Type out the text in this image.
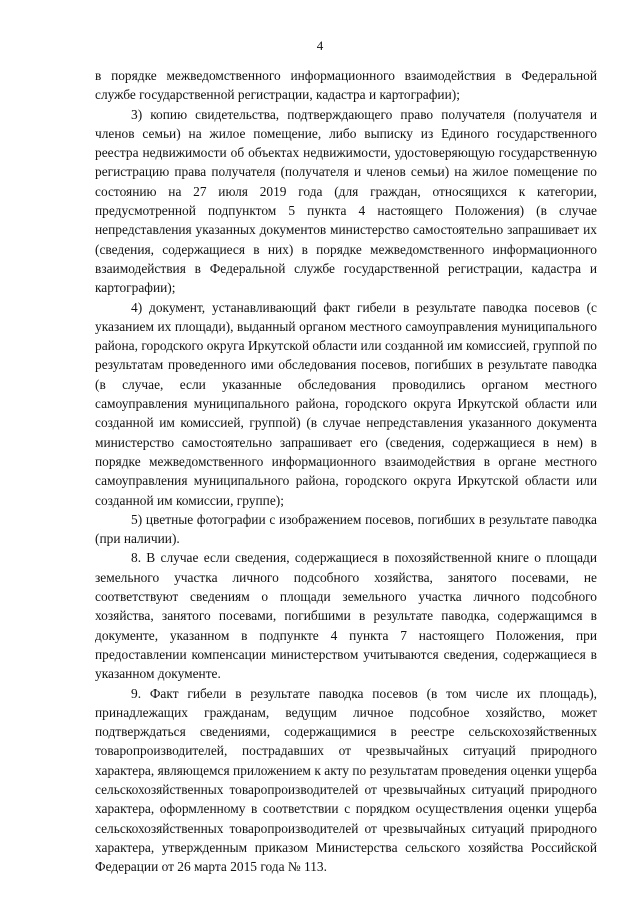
4

в порядке межведомственного информационного взаимодействия в Федеральной службе государственной регистрации, кадастра и картографии);

3) копию свидетельства, подтверждающего право получателя (получателя и членов семьи) на жилое помещение, либо выписку из Единого государственного реестра недвижимости об объектах недвижимости, удостоверяющую государственную регистрацию права получателя (получателя и членов семьи) на жилое помещение по состоянию на 27 июля 2019 года (для граждан, относящихся к категории, предусмотренной подпунктом 5 пункта 4 настоящего Положения) (в случае непредставления указанных документов министерство самостоятельно запрашивает их (сведения, содержащиеся в них) в порядке межведомственного информационного взаимодействия в Федеральной службе государственной регистрации, кадастра и картографии);

4) документ, устанавливающий факт гибели в результате паводка посевов (с указанием их площади), выданный органом местного самоуправления муниципального района, городского округа Иркутской области или созданной им комиссией, группой по результатам проведенного ими обследования посевов, погибших в результате паводка (в случае, если указанные обследования проводились органом местного самоуправления муниципального района, городского округа Иркутской области или созданной им комиссией, группой) (в случае непредставления указанного документа министерство самостоятельно запрашивает его (сведения, содержащиеся в нем) в порядке межведомственного информационного взаимодействия в органе местного самоуправления муниципального района, городского округа Иркутской области или созданной им комиссии, группе);

5) цветные фотографии с изображением посевов, погибших в результате паводка (при наличии).

8. В случае если сведения, содержащиеся в похозяйственной книге о площади земельного участка личного подсобного хозяйства, занятого посевами, не соответствуют сведениям о площади земельного участка личного подсобного хозяйства, занятого посевами, погибшими в результате паводка, содержащимся в документе, указанном в подпункте 4 пункта 7 настоящего Положения, при предоставлении компенсации министерством учитываются сведения, содержащиеся в указанном документе.

9. Факт гибели в результате паводка посевов (в том числе их площадь), принадлежащих гражданам, ведущим личное подсобное хозяйство, может подтверждаться сведениями, содержащимися в реестре сельскохозяйственных товаропроизводителей, пострадавших от чрезвычайных ситуаций природного характера, являющемся приложением к акту по результатам проведения оценки ущерба сельскохозяйственных товаропроизводителей от чрезвычайных ситуаций природного характера, оформленному в соответствии с порядком осуществления оценки ущерба сельскохозяйственных товаропроизводителей от чрезвычайных ситуаций природного характера, утвержденным приказом Министерства сельского хозяйства Российской Федерации от 26 марта 2015 года № 113.
